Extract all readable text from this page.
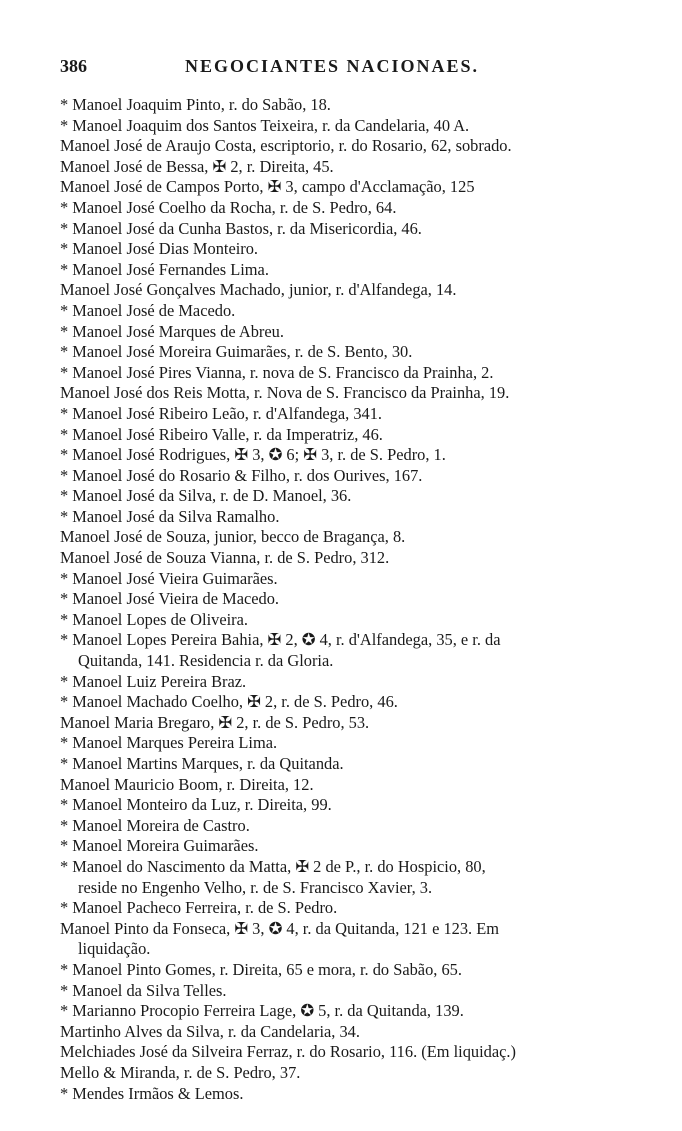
386	NEGOCIANTES NACIONAES.
* Manoel Joaquim Pinto, r. do Sabão, 18.
* Manoel Joaquim dos Santos Teixeira, r. da Candelaria, 40 A.
Manoel José de Araujo Costa, escriptorio, r. do Rosario, 62, sobrado.
Manoel José de Bessa, ✠ 2, r. Direita, 45.
Manoel José de Campos Porto, ✠ 3, campo d'Acclamação, 125
* Manoel José Coelho da Rocha, r. de S. Pedro, 64.
* Manoel José da Cunha Bastos, r. da Misericordia, 46.
* Manoel José Dias Monteiro.
* Manoel José Fernandes Lima.
Manoel José Gonçalves Machado, junior, r. d'Alfandega, 14.
* Manoel José de Macedo.
* Manoel José Marques de Abreu.
* Manoel José Moreira Guimarães, r. de S. Bento, 30.
* Manoel José Pires Vianna, r. nova de S. Francisco da Prainha, 2.
Manoel José dos Reis Motta, r. Nova de S. Francisco da Prainha, 19.
* Manoel José Ribeiro Leão, r. d'Alfandega, 341.
* Manoel José Ribeiro Valle, r. da Imperatriz, 46.
* Manoel José Rodrigues, ✠ 3, ✪ 6; ✠ 3, r. de S. Pedro, 1.
* Manoel José do Rosario & Filho, r. dos Ourives, 167.
* Manoel José da Silva, r. de D. Manoel, 36.
* Manoel José da Silva Ramalho.
Manoel José de Souza, junior, becco de Bragança, 8.
Manoel José de Souza Vianna, r. de S. Pedro, 312.
* Manoel José Vieira Guimarães.
* Manoel José Vieira de Macedo.
* Manoel Lopes de Oliveira.
* Manoel Lopes Pereira Bahia, ✠ 2, ✪ 4, r. d'Alfandega, 35, e r. da
Quitanda, 141. Residencia r. da Gloria.
* Manoel Luiz Pereira Braz.
* Manoel Machado Coelho, ✠ 2, r. de S. Pedro, 46.
Manoel Maria Bregaro, ✠ 2, r. de S. Pedro, 53.
* Manoel Marques Pereira Lima.
* Manoel Martins Marques, r. da Quitanda.
Manoel Mauricio Boom, r. Direita, 12.
* Manoel Monteiro da Luz, r. Direita, 99.
* Manoel Moreira de Castro.
* Manoel Moreira Guimarães.
* Manoel do Nascimento da Matta, ✠ 2 de P., r. do Hospicio, 80,
reside no Engenho Velho, r. de S. Francisco Xavier, 3.
* Manoel Pacheco Ferreira, r. de S. Pedro.
Manoel Pinto da Fonseca, ✠ 3, ✪ 4, r. da Quitanda, 121 e 123. Em
liquidação.
* Manoel Pinto Gomes, r. Direita, 65 e mora, r. do Sabão, 65.
* Manoel da Silva Telles.
* Marianno Procopio Ferreira Lage, ✪ 5, r. da Quitanda, 139.
Martinho Alves da Silva, r. da Candelaria, 34.
Melchiades José da Silveira Ferraz, r. do Rosario, 116. (Em liquidaç.)
Mello & Miranda, r. de S. Pedro, 37.
* Mendes Irmãos & Lemos.
